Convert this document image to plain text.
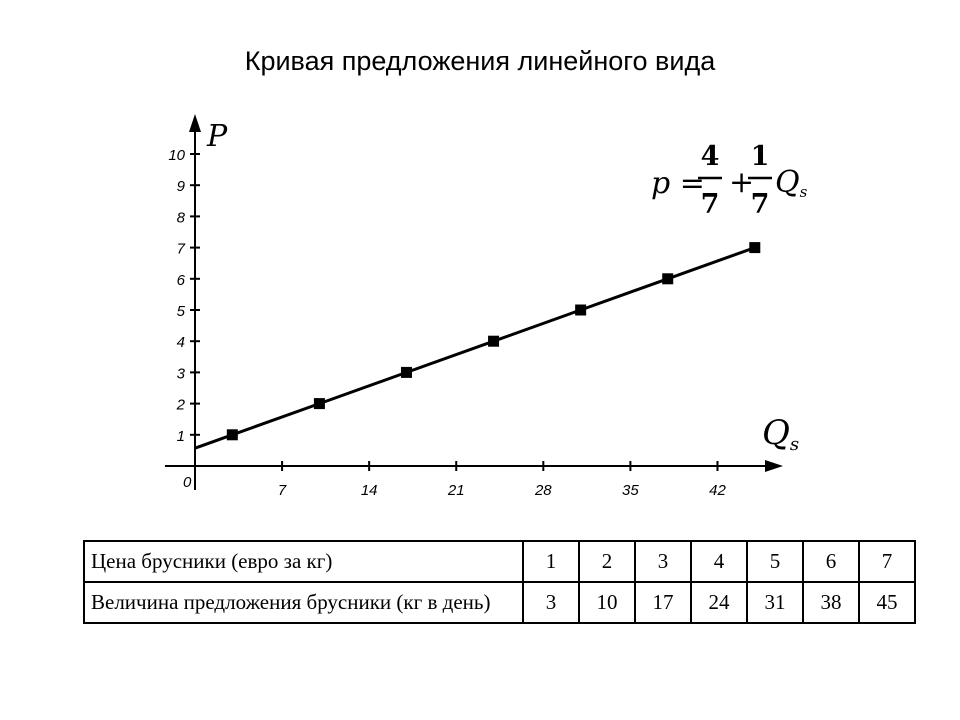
Кривая предложения линейного вида
7	14	21	28	35	42
1
2
3
4
5
6
7
8
9
10
0
P
Qs
p =
4
7
+
1
7
Qs
Цена брусники (евро за кг)	1	2	3	4	5	6	7
Величина предложения брусники (кг в день)	3	10	17	24	31	38	45
